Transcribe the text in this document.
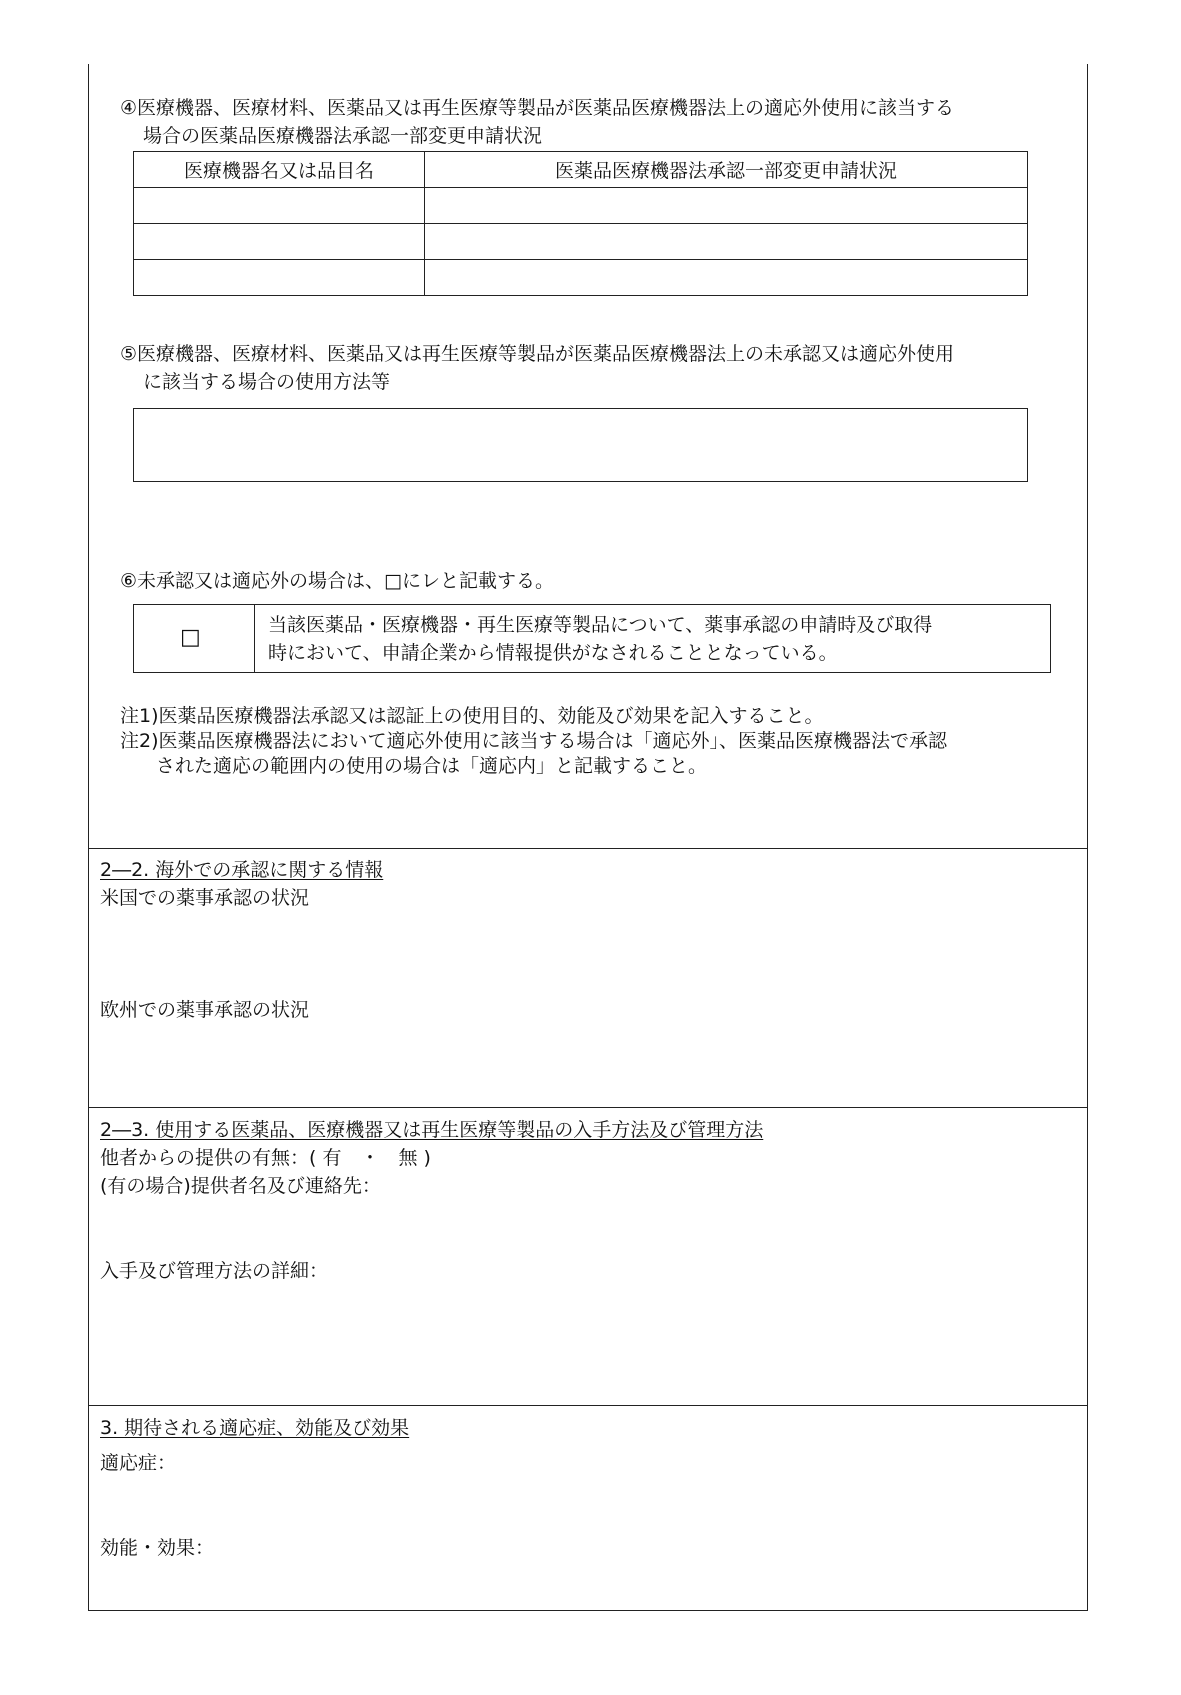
④医療機器、医療材料、医薬品又は再生医療等製品が医薬品医療機器法上の適応外使用に該当する
場合の医薬品医療機器法承認一部変更申請状況
医療機器名又は品目名	医薬品医療機器法承認一部変更申請状況

⑤医療機器、医療材料、医薬品又は再生医療等製品が医薬品医療機器法上の未承認又は適応外使用
に該当する場合の使用方法等
⑥未承認又は適応外の場合は、□にレと記載する。
□	当該医薬品・医療機器・再生医療等製品について、薬事承認の申請時及び取得
時において、申請企業から情報提供がなされることとなっている。
注1)医薬品医療機器法承認又は認証上の使用目的、効能及び効果を記入すること。
注2)医薬品医療機器法において適応外使用に該当する場合は「適応外」、医薬品医療機器法で承認
された適応の範囲内の使用の場合は「適応内」と記載すること。
2―2. 海外での承認に関する情報
米国での薬事承認の状況
欧州での薬事承認の状況
2―3. 使用する医薬品、医療機器又は再生医療等製品の入手方法及び管理方法
他者からの提供の有無：( 有　・　無 )
(有の場合)提供者名及び連絡先：
入手及び管理方法の詳細：
3. 期待される適応症、効能及び効果
適応症：
効能・効果：
